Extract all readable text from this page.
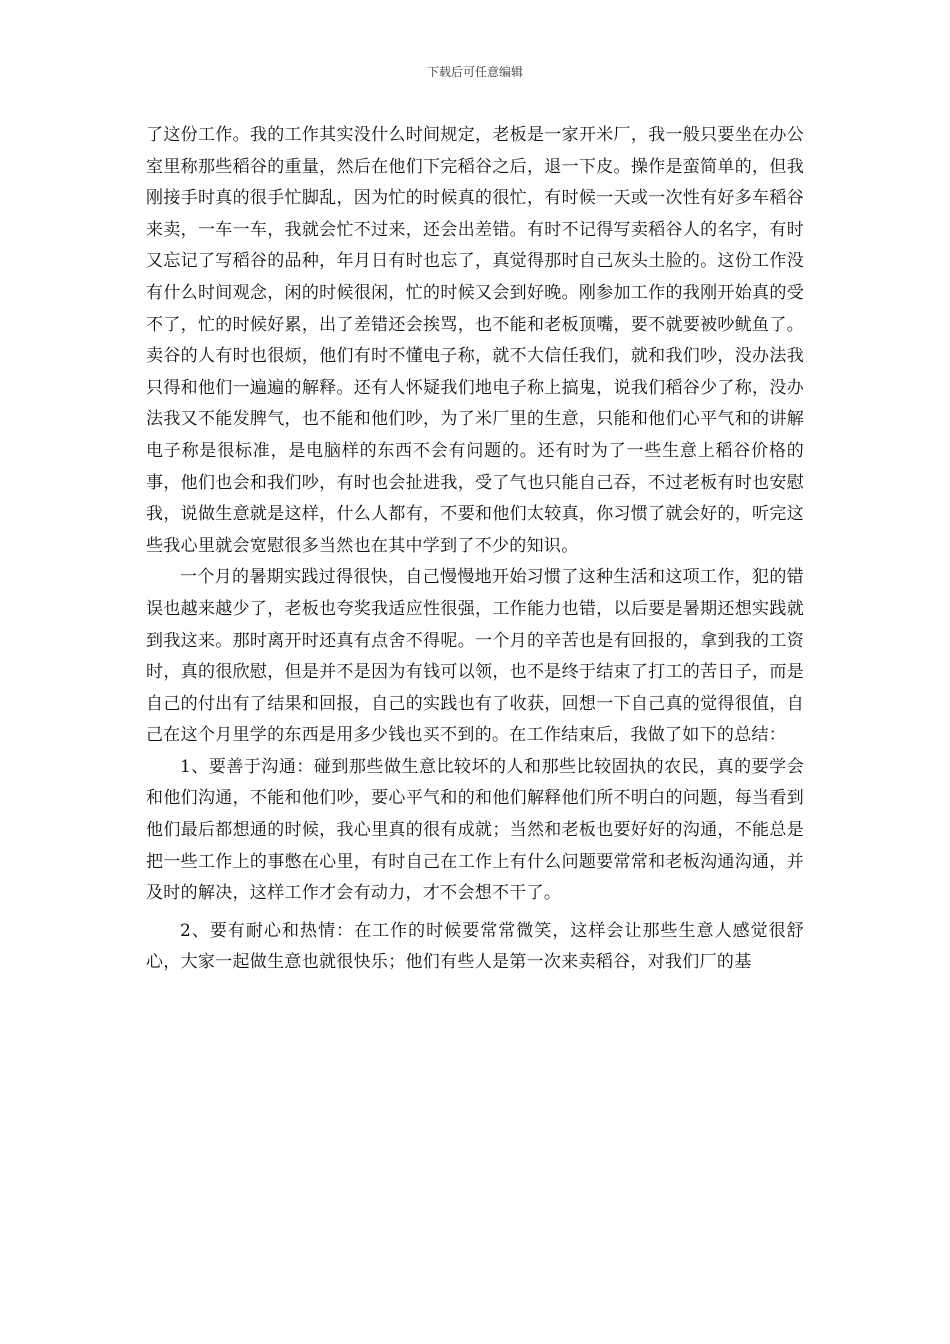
下载后可任意编辑

了这份工作。我的工作其实没什么时间规定，老板是一家开米厂，我一般只要坐在办公室里称那些稻谷的重量，然后在他们下完稻谷之后，退一下皮。操作是蛮简单的，但我刚接手时真的很手忙脚乱，因为忙的时候真的很忙，有时候一天或一次性有好多车稻谷来卖，一车一车，我就会忙不过来，还会出差错。有时不记得写卖稻谷人的名字，有时又忘记了写稻谷的品种，年月日有时也忘了，真觉得那时自己灰头土脸的。这份工作没有什么时间观念，闲的时候很闲，忙的时候又会到好晚。刚参加工作的我刚开始真的受不了，忙的时候好累，出了差错还会挨骂，也不能和老板顶嘴，要不就要被吵鱿鱼了。卖谷的人有时也很烦，他们有时不懂电子称，就不大信任我们，就和我们吵，没办法我只得和他们一遍遍的解释。还有人怀疑我们地电子称上搞鬼，说我们稻谷少了称，没办法我又不能发脾气，也不能和他们吵，为了米厂里的生意，只能和他们心平气和的讲解电子称是很标准，是电脑样的东西不会有问题的。还有时为了一些生意上稻谷价格的事，他们也会和我们吵，有时也会扯进我，受了气也只能自己吞，不过老板有时也安慰我，说做生意就是这样，什么人都有，不要和他们太较真，你习惯了就会好的，听完这些我心里就会宽慰很多当然也在其中学到了不少的知识。

一个月的暑期实践过得很快，自己慢慢地开始习惯了这种生活和这项工作，犯的错误也越来越少了，老板也夸奖我适应性很强，工作能力也错，以后要是暑期还想实践就到我这来。那时离开时还真有点舍不得呢。一个月的辛苦也是有回报的，拿到我的工资时，真的很欣慰，但是并不是因为有钱可以领，也不是终于结束了打工的苦日子，而是自己的付出有了结果和回报，自己的实践也有了收获，回想一下自己真的觉得很值，自己在这个月里学的东西是用多少钱也买不到的。在工作结束后，我做了如下的总结：

1、要善于沟通：碰到那些做生意比较坏的人和那些比较固执的农民，真的要学会和他们沟通，不能和他们吵，要心平气和的和他们解释他们所不明白的问题，每当看到他们最后都想通的时候，我心里真的很有成就；当然和老板也要好好的沟通，不能总是把一些工作上的事憋在心里，有时自己在工作上有什么问题要常常和老板沟通沟通，并及时的解决，这样工作才会有动力，才不会想不干了。

2、要有耐心和热情：在工作的时候要常常微笑，这样会让那些生意人感觉很舒心，大家一起做生意也就很快乐；他们有些人是第一次来卖稻谷，对我们厂的基
